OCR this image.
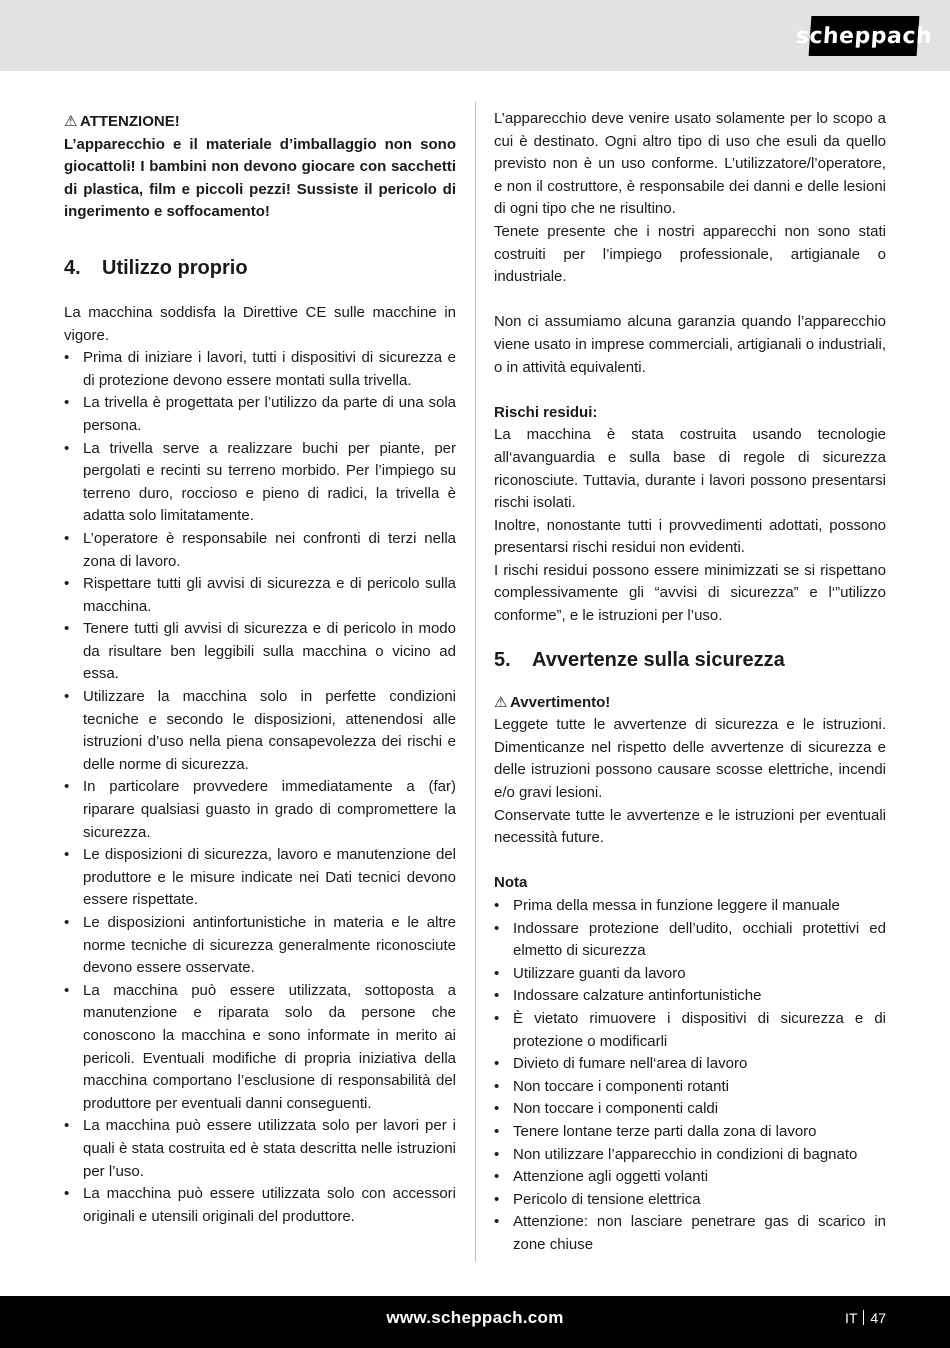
scheppach
⚠ ATTENZIONE!

L’apparecchio e il materiale d’imballaggio non sono giocattoli! I bambini non devono giocare con sacchetti di plastica, film e piccoli pezzi! Sussiste il pericolo di ingerimento e soffocamento!

4.	Utilizzo proprio

La macchina soddisfa la Direttive CE sulle macchine in vigore.

• Prima di iniziare i lavori, tutti i dispositivi di sicurezza e di protezione devono essere montati sulla trivella.
• La trivella è progettata per l’utilizzo da parte di una sola persona.
• La trivella serve a realizzare buchi per piante, per pergolati e recinti su terreno morbido. Per l’impiego su terreno duro, roccioso e pieno di radici, la trivella è adatta solo limitatamente.
• L’operatore è responsabile nei confronti di terzi nella zona di lavoro.
• Rispettare tutti gli avvisi di sicurezza e di pericolo sulla macchina.
• Tenere tutti gli avvisi di sicurezza e di pericolo in modo da risultare ben leggibili sulla macchina o vicino ad essa.
• Utilizzare la macchina solo in perfette condizioni tecniche e secondo le disposizioni, attenendosi alle istruzioni d’uso nella piena consapevolezza dei rischi e delle norme di sicurezza.
• In particolare provvedere immediatamente a (far) riparare qualsiasi guasto in grado di compromettere la sicurezza.
• Le disposizioni di sicurezza, lavoro e manutenzione del produttore e le misure indicate nei Dati tecnici devono essere rispettate.
• Le disposizioni antinfortunistiche in materia e le altre norme tecniche di sicurezza generalmente riconosciute devono essere osservate.
• La macchina può essere utilizzata, sottoposta a manutenzione e riparata solo da persone che conoscono la macchina e sono informate in merito ai pericoli. Eventuali modifiche di propria iniziativa della macchina comportano l’esclusione di responsabilità del produttore per eventuali danni conseguenti.
• La macchina può essere utilizzata solo per lavori per i quali è stata costruita ed è stata descritta nelle istruzioni per l’uso.
• La macchina può essere utilizzata solo con accessori originali e utensili originali del produttore.

L’apparecchio deve venire usato solamente per lo scopo a cui è destinato. Ogni altro tipo di uso che esuli da quello previsto non è un uso conforme. L’utilizzatore/l’operatore, e non il costruttore, è responsabile dei danni e delle lesioni di ogni tipo che ne risultino.

Tenete presente che i nostri apparecchi non sono stati costruiti per l’impiego professionale, artigianale o industriale.

Non ci assumiamo alcuna garanzia quando l’apparecchio viene usato in imprese commerciali, artigianali o industriali, o in attività equivalenti.

Rischi residui:

La macchina è stata costruita usando tecnologie all‘avanguardia e sulla base di regole di sicurezza riconosciute. Tuttavia, durante i lavori possono presentarsi rischi isolati.

Inoltre, nonostante tutti i provvedimenti adottati, possono presentarsi rischi residui non evidenti.

I rischi residui possono essere minimizzati se si rispettano complessivamente gli “avvisi di sicurezza” e l‘”utilizzo conforme”, e le istruzioni per l’uso.

5.	Avvertenze sulla sicurezza
⚠ Avvertimento!

Leggete tutte le avvertenze di sicurezza e le istruzioni. Dimenticanze nel rispetto delle avvertenze di sicurezza e delle istruzioni possono causare scosse elettriche, incendi e/o gravi lesioni.

Conservate tutte le avvertenze e le istruzioni per eventuali necessità future.

Nota

• Prima della messa in funzione leggere il manuale
• Indossare protezione dell’udito, occhiali protettivi ed elmetto di sicurezza
• Utilizzare guanti da lavoro
• Indossare calzature antinfortunistiche
• È vietato rimuovere i dispositivi di sicurezza e di protezione o modificarli
• Divieto di fumare nell‘area di lavoro
• Non toccare i componenti rotanti
• Non toccare i componenti caldi
• Tenere lontane terze parti dalla zona di lavoro
• Non utilizzare l’apparecchio in condizioni di bagnato
• Attenzione agli oggetti volanti
• Pericolo di tensione elettrica
• Attenzione: non lasciare penetrare gas di scarico in zone chiuse
www.scheppach.com	IT 47
